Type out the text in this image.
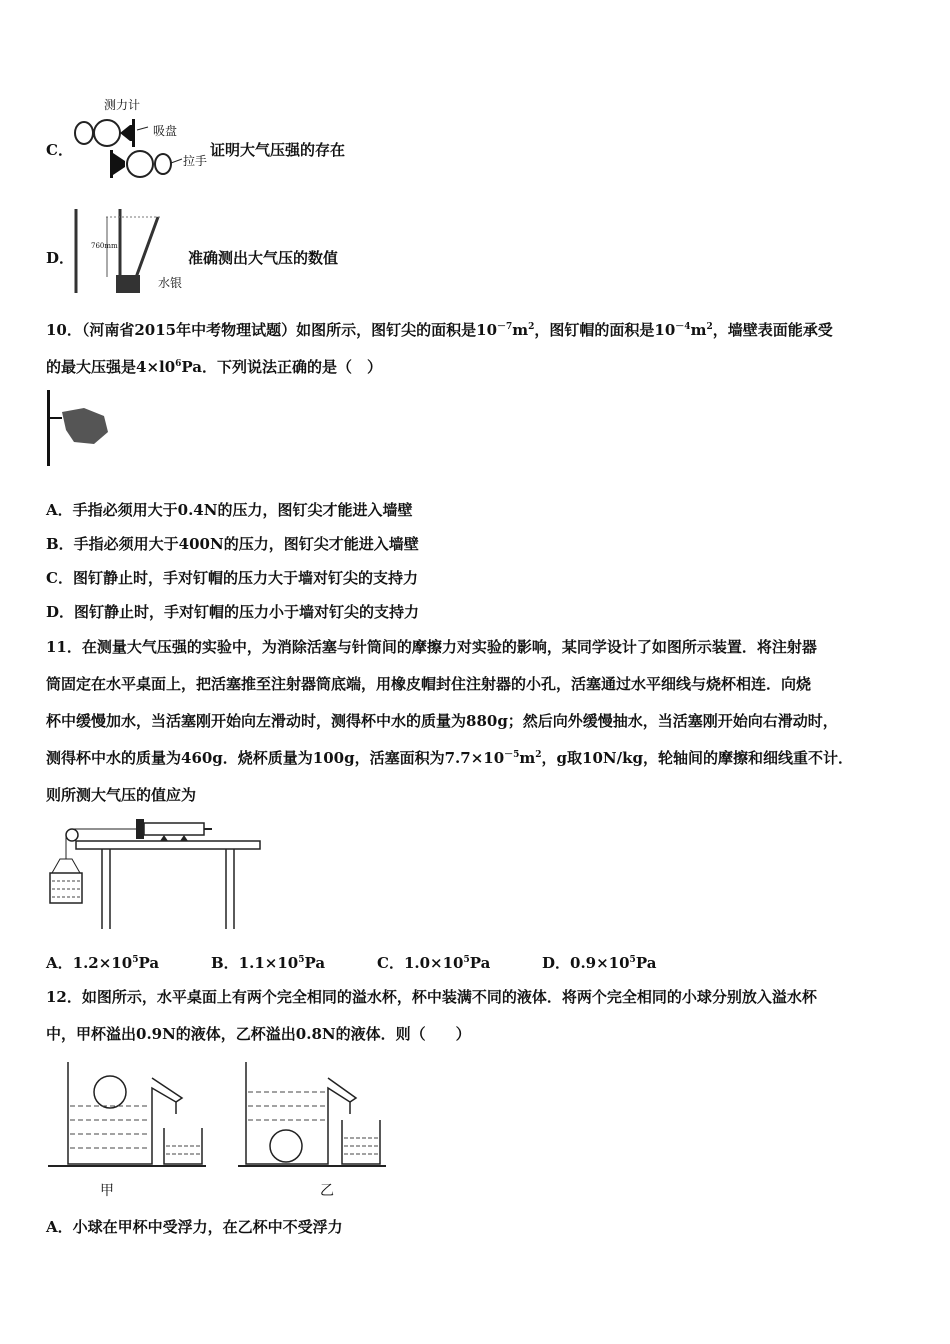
C．
测力计
吸盘
拉手
证明大气压强的存在
D．
760mm
水银
准确测出大气压的数值
10．（河南省2015年中考物理试题）如图所示，图钉尖的面积是$10^{-7}m^2$，图钉帽的面积是$10^{-4}m^2$，墙壁表面能承受
的最大压强是$4\times l0^6Pa$．下列说法正确的是（　）
A．手指必须用大于0.4N的压力，图钉尖才能进入墙壁
B．手指必须用大于400N的压力，图钉尖才能进入墙壁
C．图钉静止时，手对钉帽的压力大于墙对钉尖的支持力
D．图钉静止时，手对钉帽的压力小于墙对钉尖的支持力
11．在测量大气压强的实验中，为消除活塞与针筒间的摩擦力对实验的影响，某同学设计了如图所示装置．将注射器
筒固定在水平桌面上，把活塞推至注射器筒底端，用橡皮帽封住注射器的小孔，活塞通过水平细线与烧杯相连．向烧
杯中缓慢加水，当活塞刚开始向左滑动时，测得杯中水的质量为880g；然后向外缓慢抽水，当活塞刚开始向右滑动时，
测得杯中水的质量为460g．烧杯质量为100g，活塞面积为$7.7\times 10^{-5}m^2$，g取10N/kg，轮轴间的摩擦和细线重不计．
则所测大气压的值应为
A．$1.2\times 10^5Pa$	B．$1.1\times 10^5Pa$	C．$1.0\times 10^5Pa$	D．$0.9\times 10^5Pa$
12．如图所示，水平桌面上有两个完全相同的溢水杯，杯中装满不同的液体．将两个完全相同的小球分别放入溢水杯
中，甲杯溢出0.9N的液体，乙杯溢出0.8N的液体．则（　　）
甲	乙
A．小球在甲杯中受浮力，在乙杯中不受浮力
